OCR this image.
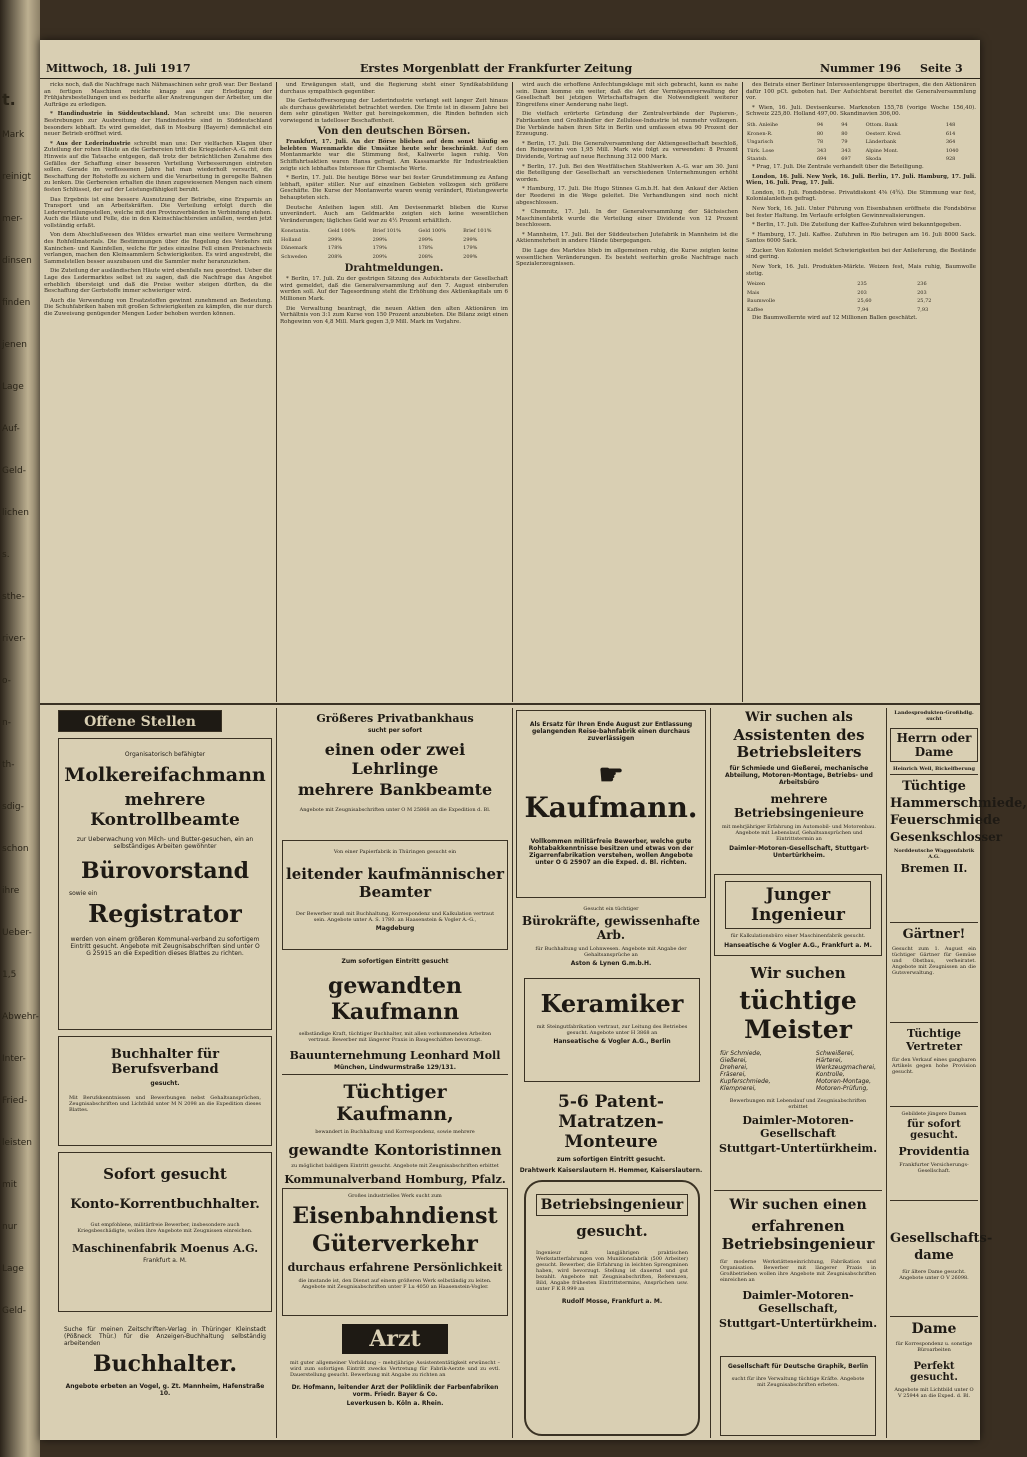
t.
Mark
reinigt
mer-
dinsen
finden
jenen
Lage
Auf-
Geld-
lichen
s.
sthe-
river-
o-
n-
th-
sdig-
schon
ihre
Ueber-
1,5
Abwehr-
Inter-
Fried-
leisten
mit
nur
Lage
Geld-
Mittwoch, 18. Juli 1917	Erstes Morgenblatt der Frankfurter Zeitung	Nummer 196 Seite 3

ricks noch, daß die Nachfrage nach Nähmaschinen sehr groß war. Der Bestand an fertigen Maschinen reichte knapp aus zur Erledigung der Frühjahrsbestellungen und es bedurfte aller Anstrengungen der Arbeiter, um die Aufträge zu erledigen.

* Handindustrie in Süddeutschland. Man schreibt uns: Die neueren Bestrebungen zur Ausbreitung der Handindustrie sind in Süddeutschland besonders lebhaft. Es wird gemeldet, daß in Mosburg (Bayern) demnächst ein neuer Betrieb eröffnet wird.

* Aus der Lederindustrie schreibt man uns: Der vielfachen Klagen über Zuteilung der rohen Häute an die Gerbereien tritt die Kriegsleder-A.-G. mit dem Hinweis auf die Tatsache entgegen, daß trotz der beträchtlichen Zunahme des Gefälles der Schaffung einer besseren Verteilung Verbesserungen eintreten sollen. Gerade im verflossenen Jahre hat man wiederholt versucht, die Beschaffung der Rohstoffe zu sichern und die Verarbeitung in geregelte Bahnen zu lenken. Die Gerbereien erhalten die ihnen zugewiesenen Mengen nach einem festen Schlüssel, der auf der Leistungsfähigkeit beruht.

Das Ergebnis ist eine bessere Ausnutzung der Betriebe, eine Ersparnis an Transport und an Arbeitskräften. Die Verteilung erfolgt durch die Lederverteilungsstellen, welche mit den Provinzverbänden in Verbindung stehen. Auch die Häute und Felle, die in den Kleinschlachtereien anfallen, werden jetzt vollständig erfaßt.

Von dem Abschlußwesen des Wildes erwartet man eine weitere Vermehrung des Rohfellmaterials. Die Bestimmungen über die Regelung des Verkehrs mit Kaninchen- und Kaninfellen, welche für jedes einzelne Fell einen Preisnachweis verlangen, machen den Kleinsammlern Schwierigkeiten. Es wird angestrebt, die Sammelstellen besser auszubauen und die Sammler mehr heranzuziehen.

Die Zuteilung der ausländischen Häute wird ebenfalls neu geordnet. Ueber die Lage des Ledermarktes selbst ist zu sagen, daß die Nachfrage das Angebot erheblich übersteigt und daß die Preise weiter steigen dürften, da die Beschaffung der Gerbstoffe immer schwieriger wird.

Auch die Verwendung von Ersatzstoffen gewinnt zunehmend an Bedeutung. Die Schuhfabriken haben mit großen Schwierigkeiten zu kämpfen, die nur durch die Zuweisung genügender Mengen Leder behoben werden können.

und Erwägungen statt, und die Regierung steht einer Syndikatsbildung durchaus sympathisch gegenüber.

Die Gerbstoffversorgung der Lederindustrie verlangt seit langer Zeit hinaus als durchaus gewährleistet betrachtet werden. Die Ernte ist in diesem Jahre bei dem sehr günstigen Wetter gut hereingekommen, die Rinden befinden sich vorwiegend in tadelloser Beschaffenheit.

Von den deutschen Börsen.

Frankfurt, 17. Juli. An der Börse blieben auf dem sonst häufig so belebten Warenmarkte die Umsätze heute sehr beschränkt. Auf dem Montanmarkte war die Stimmung fest, Kaliwerte lagen ruhig. Von Schiffahrtsaktien waren Hansa gefragt. Am Kassamarkte für Industrieaktien zeigte sich lebhaftes Interesse für Chemische Werte.

* Berlin, 17. Juli. Die heutige Börse war bei fester Grundstimmung zu Anfang lebhaft, später stiller. Nur auf einzelnen Gebieten vollzogen sich größere Geschäfte. Die Kurse der Montanwerte waren wenig verändert, Rüstungswerte behaupteten sich.

Deutsche Anleihen lagen still. Am Devisenmarkt blieben die Kurse unverändert. Auch am Geldmarkte zeigten sich keine wesentlichen Veränderungen; tägliches Geld war zu 4½ Prozent erhältlich.

Konstantin.	Geld 100%	Brief 101%	Geld 100%	Brief 101%
Holland	299%	299%	299%	299%
Dänemark	178%	179%	178%	179%
Schweden	208%	209%	208%	209%
Drahtmeldungen.

* Berlin, 17. Juli. Zu der gestrigen Sitzung des Aufsichtsrats der Gesellschaft wird gemeldet, daß die Generalversammlung auf den 7. August einberufen werden soll. Auf der Tagesordnung steht die Erhöhung des Aktienkapitals um 6 Millionen Mark.

Die Verwaltung beantragt, die neuen Aktien den alten Aktionären im Verhältnis von 3:1 zum Kurse von 150 Prozent anzubieten. Die Bilanz zeigt einen Rohgewinn von 4,8 Mill. Mark gegen 3,9 Mill. Mark im Vorjahre.

wird auch die erhoffene Anfechtungsklage mit sich gebracht, kann es nahe sein. Dann komme ein weiter, daß die Art der Vermögensverwaltung der Gesellschaft bei jetzigen Wirtschaftsfragen die Notwendigkeit weiterer Eingreifens einer Aenderung nahe liegt.

Die vielfach erörterte Gründung der Zentralverbände der Papieren-, Fabrikanten und Großhändler der Zellulose-Industrie ist nunmehr vollzogen. Die Verbände haben ihren Sitz in Berlin und umfassen etwa 90 Prozent der Erzeugung.

* Berlin, 17. Juli. Die Generalversammlung der Aktiengesellschaft beschloß, den Reingewinn von 1,95 Mill. Mark wie folgt zu verwenden: 8 Prozent Dividende, Vortrag auf neue Rechnung 312 000 Mark.

* Berlin, 17. Juli. Bei den Westfälischen Stahlwerken A.-G. war am 30. Juni die Beteiligung der Gesellschaft an verschiedenen Unternehmungen erhöht worden.

* Hamburg, 17. Juli. Die Hugo Stinnes G.m.b.H. hat den Ankauf der Aktien der Reederei in die Wege geleitet. Die Verhandlungen sind noch nicht abgeschlossen.

* Chemnitz, 17. Juli. In der Generalversammlung der Sächsischen Maschinenfabrik wurde die Verteilung einer Dividende von 12 Prozent beschlossen.

* Mannheim, 17. Juli. Bei der Süddeutschen Jutefabrik in Mannheim ist die Aktienmehrheit in andere Hände übergegangen.

Die Lage des Marktes blieb im allgemeinen ruhig, die Kurse zeigten keine wesentlichen Veränderungen. Es besteht weiterhin große Nachfrage nach Spezialerzeugnissen.

des Beirats einer Berliner Interessentengruppe übertragen, die den Aktionären dafür 100 pCt. geboten hat. Der Aufsichtsrat bereitet die Generalversammlung vor.

* Wien, 16. Juli. Devisenkurse. Marknoten 155,78 (vorige Woche 156,40). Schweiz 225,80. Holland 497,00. Skandinavien 306,00.

Sth. Anleihe	94	94	Ottom. Bank	148
Kronen-R.	80	80	Oesterr. Kred.	614
Ungarisch	78	79	Länderbank	364
Türk. Lose	343	343	Alpine Mont.	1040
Staatsb.	694	697	Skoda	928

* Prag, 17. Juli. Die Zentrale verhandelt über die Beteiligung.

London, 16. Juli. New York, 16. Juli. Berlin, 17. Juli. Hamburg, 17. Juli. Wien, 16. Juli. Prag, 17. Juli.

London, 16. Juli. Fondsbörse. Privatdiskont 4⅝ (4¾). Die Stimmung war fest, Kolonialanleihen gefragt.

New York, 16. Juli. Unter Führung von Eisenbahnen eröffnete die Fondsbörse bei fester Haltung. Im Verlaufe erfolgten Gewinnrealisierungen.

* Berlin, 17. Juli. Die Zuteilung der Kaffee-Zufuhren wird bekanntgegeben.

* Hamburg, 17. Juli. Kaffee. Zufuhren in Rio betrugen am 16. Juli 8000 Sack. Santos 6000 Sack.

Zucker. Von Kolonien meldet Schwierigkeiten bei der Anlieferung, die Bestände sind gering.

New York, 16. Juli. Produkten-Märkte. Weizen fest, Mais ruhig, Baumwolle stetig.

Weizen	235	236
Mais	203	203
Baumwolle	25,60	25,72
Kaffee	7,94	7,93

Die Baumwollernte wird auf 12 Millionen Ballen geschätzt.

Offene Stellen
Organisatorisch befähigter
Molkereifachmann
mehrere Kontrollbeamte
zur Ueberwachung von Milch- und Butter-gesuchen, ein an selbständiges Arbeiten gewöhnter
Bürovorstand
sowie ein
Registrator
werden von einem größeren Kommunal-verband zu sofortigem Eintritt gesucht. Angebote mit Zeugnisabschriften sind unter O G 25915 an die Expedition dieses Blattes zu richten.
Buchhalter für Berufsverband
gesucht.
Mit Berufskenntnissen und Bewerbungen nebst Gehaltsansprüchen, Zeugnisabschriften und Lichtbild unter M N 2098 an die Expedition dieses Blattes.
Sofort gesucht
Konto-Korrentbuchhalter.
Gut empfohlene, militärfreie Bewerber, insbesondere auch Kriegsbeschädigte, wollen ihre Angebote mit Zeugnissen einreichen.
Maschinenfabrik Moenus A.G.
Frankfurt a. M.
Suche für meinen Zeitschriften-Verlag in Thüringer Kleinstadt (Pößneck Thür.) für die Anzeigen-Buchhaltung selbständig arbeitenden
Buchhalter.
Angebote erbeten an Vogel, g. Zt. Mannheim, Hafenstraße 10.
Größeres Privatbankhaus
sucht per sofort
einen oder zwei Lehrlinge
mehrere Bankbeamte
Angebote mit Zeugnisabschriften unter O M 25868 an die Expedition d. Bl.
Von einer Papierfabrik in Thüringen gesucht ein
leitender kaufmännischer Beamter
Der Bewerber muß mit Buchhaltung, Korrespondenz und Kalkulation vertraut sein. Angebote unter A. S. 1780. an Haasenstein & Vogler A.-G.,
Magdeburg
Zum sofortigen Eintritt gesucht
gewandten Kaufmann
selbständige Kraft, tüchtiger Buchhalter, mit allen vorkommenden Arbeiten vertraut. Bewerber mit längerer Praxis in Baugeschäften bevorzugt.
Bauunternehmung Leonhard Moll
München, Lindwurmstraße 129/131.
Tüchtiger Kaufmann,
bewandert in Buchhaltung und Korrespondenz, sowie mehrere
gewandte Kontoristinnen
zu möglichst baldigem Eintritt gesucht. Angebote mit Zeugnisabschriften erbittet
Kommunalverband Homburg, Pfalz.
Großes industrielles Werk sucht zum
Eisenbahndienst
Güterverkehr
durchaus erfahrene Persönlichkeit
die imstande ist, den Dienst auf einem größeren Werk selbständig zu leiten. Angebote mit Zeugnisabschriften unter F Lu 4050 an Haasenstein-Vogler.
Arzt
mit guter allgemeiner Vorbildung – mehrjährige Assistententätigkeit erwünscht – wird zum sofortigen Eintritt zwecks Vertretung für Fabrik-Aerzte und zu evtl. Dauerstellung gesucht. Bewerbung mit Angabe zu richten an
Dr. Hofmann, leitender Arzt der Poliklinik der Farbenfabriken vorm. Friedr. Bayer & Co.
Leverkusen b. Köln a. Rhein.
Als Ersatz für Ihren Ende August zur Entlassung gelangenden Reise-bahnfabrik einen durchaus zuverlässigen
☛ Kaufmann.
Vollkommen militärfreie Bewerber, welche gute Rohtabakkenntnisse besitzen und etwas von der Zigarrenfabrikation verstehen, wollen Angebote unter O G 25907 an die Exped. d. Bl. richten.
Gesucht ein tüchtiger
Bürokräfte, gewissenhafte Arb.
für Buchhaltung und Lohnwesen. Angebote mit Angabe der Gehaltsansprüche an
Aston & Lynen G.m.b.H.
Keramiker
mit Steingutfabrikation vertraut, zur Leitung des Betriebes gesucht. Angebote unter H 3868 an
Hanseatische & Vogler A.G., Berlin
5-6 Patent-Matratzen-Monteure
zum sofortigen Eintritt gesucht.
Drahtwerk Kaiserslautern H. Hemmer, Kaiserslautern.
Betriebsingenieur
gesucht.
Ingenieur mit langjährigen praktischen Werkstatterfahrungen von Munitionsfabrik (500 Arbeiter) gesucht. Bewerber, die Erfahrung in leichten Sprengminen haben, wird bevorzugt. Stellung ist dauernd und gut bezahlt. Angebote mit Zeugnisabschriften, Referenzen, Bild, Angabe frühesten Eintrittstermins, Ansprüchen usw. unter F K R 999 an
Rudolf Mosse, Frankfurt a. M.
Wir suchen als
Assistenten des Betriebsleiters
für Schmiede und Gießerei, mechanische Abteilung, Motoren-Montage, Betriebs- und Arbeitsbüro
mehrere Betriebsingenieure
mit mehrjähriger Erfahrung im Automobil- und Motorenbau. Angebote mit Lebenslauf, Gehaltsansprüchen und Eintrittstermin an
Daimler-Motoren-Gesellschaft, Stuttgart-Untertürkheim.
Junger Ingenieur
für Kalkulationsbüro einer Maschinenfabrik gesucht.
Hanseatische & Vogler A.G., Frankfurt a. M.
Wir suchen
tüchtige Meister
für Schmiede,
Gießerei,
Dreherei,
Fräserei,
Kupferschmiede,
Klempnerei,
Schweißerei,
Härterei,
Werkzeugmacherei,
Kontrolle,
Motoren-Montage,
Motoren-Prüfung,
Bewerbungen mit Lebenslauf und Zeugnisabschriften erbittet
Daimler-Motoren-Gesellschaft
Stuttgart-Untertürkheim.
Wir suchen einen
erfahrenen Betriebsingenieur
für moderne Werkstätteneinrichtung, Fabrikation und Organisation. Bewerber mit längerer Praxis in Großbetrieben wollen ihre Angebote mit Zeugnisabschriften einreichen an
Daimler-Motoren-Gesellschaft,
Stuttgart-Untertürkheim.
Gesellschaft für Deutsche Graphik, Berlin
sucht für ihre Verwaltung tüchtige Kräfte. Angebote mit Zeugnisabschriften erbeten.
Landesprodukten-Großhdlg. sucht
Herrn oder Dame
Heinrich Weil, Bickelfberung
Tüchtige
Hammerschmiede,
Feuerschmiede
Gesenkschlosser
Norddeutsche Waggonfabrik A.G.
Bremen II.
Gärtner!
Gesucht zum 1. August ein tüchtiger Gärtner für Gemüse und Obstbau, verheiratet. Angebote mit Zeugnissen an die Gutsverwaltung.
Tüchtige Vertreter
für den Verkauf eines gangbaren Artikels gegen hohe Provision gesucht.
Gebildete jüngere Damen
für sofort gesucht.
Providentia
Frankfurter Versicherungs-Gesellschaft.
Gesellschafts-
dame
für ältere Dame gesucht. Angebote unter O V 26098.
Dame
für Korrespondenz u. sonstige Büroarbeiten
Perfekt gesucht.
Angebote mit Lichtbild unter O V 25944 an die Exped. d. Bl.
